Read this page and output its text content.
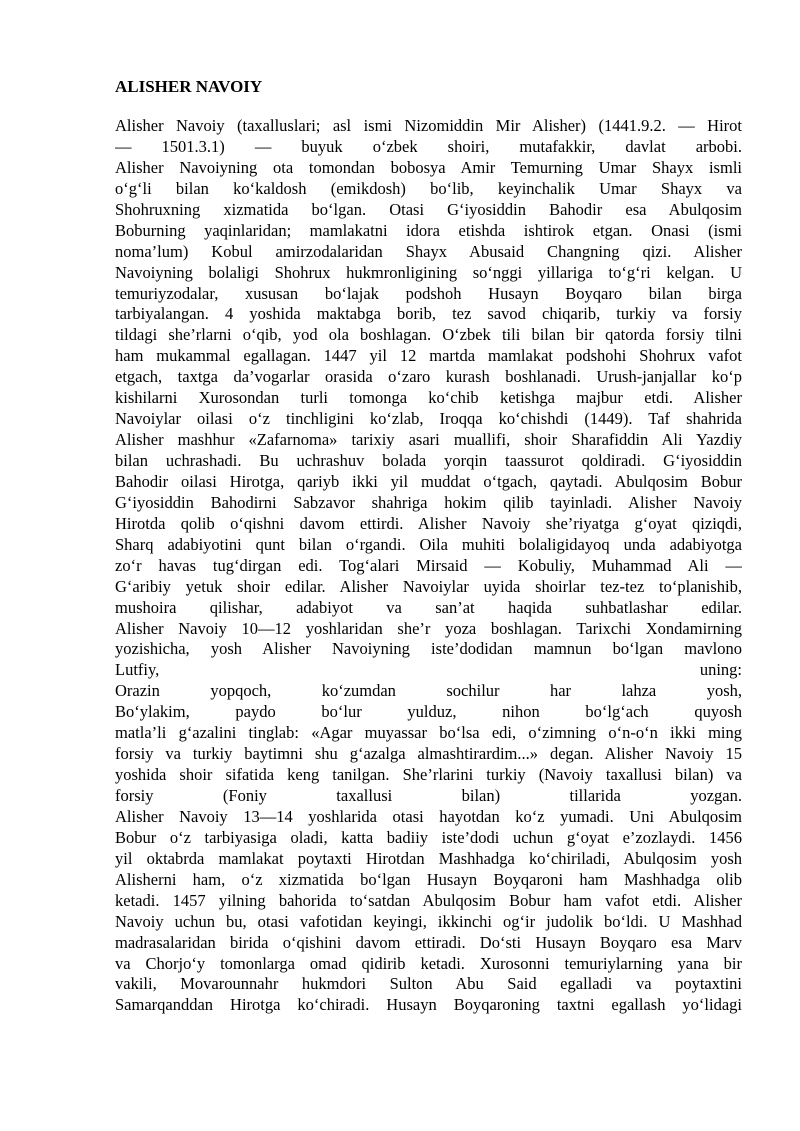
ALISHER NAVOIY
Alisher Navoiy (taxalluslari; asl ismi Nizomiddin Mir Alisher) (1441.9.2. — Hirot
— 1501.3.1) — buyuk oʻzbek shoiri, mutafakkir, davlat arbobi.
Alisher Navoiyning ota tomondan bobosya Amir Temurning Umar Shayx ismli
oʻgʻli bilan koʻkaldosh (emikdosh) boʻlib, keyinchalik Umar Shayx va
Shohruxning xizmatida boʻlgan. Otasi Gʻiyosiddin Bahodir esa Abulqosim
Boburning yaqinlaridan; mamlakatni idora etishda ishtirok etgan. Onasi (ismi
noma’lum) Kobul amirzodalaridan Shayx Abusaid Changning qizi. Alisher
Navoiyning bolaligi Shohrux hukmronligining soʻnggi yillariga toʻgʻri kelgan. U
temuriyzodalar, xususan boʻlajak podshoh Husayn Boyqaro bilan birga
tarbiyalangan. 4 yoshida maktabga borib, tez savod chiqarib, turkiy va forsiy
tildagi she’rlarni oʻqib, yod ola boshlagan. Oʻzbek tili bilan bir qatorda forsiy tilni
ham mukammal egallagan. 1447 yil 12 martda mamlakat podshohi Shohrux vafot
etgach, taxtga da’vogarlar orasida oʻzaro kurash boshlanadi. Urush-janjallar koʻp
kishilarni Xurosondan turli tomonga koʻchib ketishga majbur etdi. Alisher
Navoiylar oilasi oʻz tinchligini koʻzlab, Iroqqa koʻchishdi (1449). Taf shahrida
Alisher mashhur «Zafarnoma» tarixiy asari muallifi, shoir Sharafiddin Ali Yazdiy
bilan uchrashadi. Bu uchrashuv bolada yorqin taassurot qoldiradi. Gʻiyosiddin
Bahodir oilasi Hirotga, qariyb ikki yil muddat oʻtgach, qaytadi. Abulqosim Bobur
Gʻiyosiddin Bahodirni Sabzavor shahriga hokim qilib tayinladi. Alisher Navoiy
Hirotda qolib oʻqishni davom ettirdi. Alisher Navoiy she’riyatga gʻoyat qiziqdi,
Sharq adabiyotini qunt bilan oʻrgandi. Oila muhiti bolaligidayoq unda adabiyotga
zoʻr havas tugʻdirgan edi. Togʻalari Mirsaid — Kobuliy, Muhammad Ali —
Gʻaribiy yetuk shoir edilar. Alisher Navoiylar uyida shoirlar tez-tez toʻplanishib,
mushoira qilishar, adabiyot va san’at haqida suhbatlashar edilar.
Alisher Navoiy 10—12 yoshlaridan she’r yoza boshlagan. Tarixchi Xondamirning
yozishicha, yosh Alisher Navoiyning iste’dodidan mamnun boʻlgan mavlono
Lutfiy, uning:
Orazin yopqoch, koʻzumdan sochilur har lahza yosh,
Boʻylakim, paydo boʻlur yulduz, nihon boʻlgʻach quyosh
matla’li gʻazalini tinglab: «Agar muyassar boʻlsa edi, oʻzimning oʻn-oʻn ikki ming
forsiy va turkiy baytimni shu gʻazalga almashtirardim...» degan. Alisher Navoiy 15
yoshida shoir sifatida keng tanilgan. She’rlarini turkiy (Navoiy taxallusi bilan) va
forsiy (Foniy taxallusi bilan) tillarida yozgan.
Alisher Navoiy 13—14 yoshlarida otasi hayotdan koʻz yumadi. Uni Abulqosim
Bobur oʻz tarbiyasiga oladi, katta badiiy iste’dodi uchun gʻoyat e’zozlaydi. 1456
yil oktabrda mamlakat poytaxti Hirotdan Mashhadga koʻchiriladi, Abulqosim yosh
Alisherni ham, oʻz xizmatida boʻlgan Husayn Boyqaroni ham Mashhadga olib
ketadi. 1457 yilning bahorida toʻsatdan Abulqosim Bobur ham vafot etdi. Alisher
Navoiy uchun bu, otasi vafotidan keyingi, ikkinchi ogʻir judolik boʻldi. U Mashhad
madrasalaridan birida oʻqishini davom ettiradi. Doʻsti Husayn Boyqaro esa Marv
va Chorjoʻy tomonlarga omad qidirib ketadi. Xurosonni temuriylarning yana bir
vakili, Movarounnahr hukmdori Sulton Abu Said egalladi va poytaxtini
Samarqanddan Hirotga koʻchiradi. Husayn Boyqaroning taxtni egallash yoʻlidagi
